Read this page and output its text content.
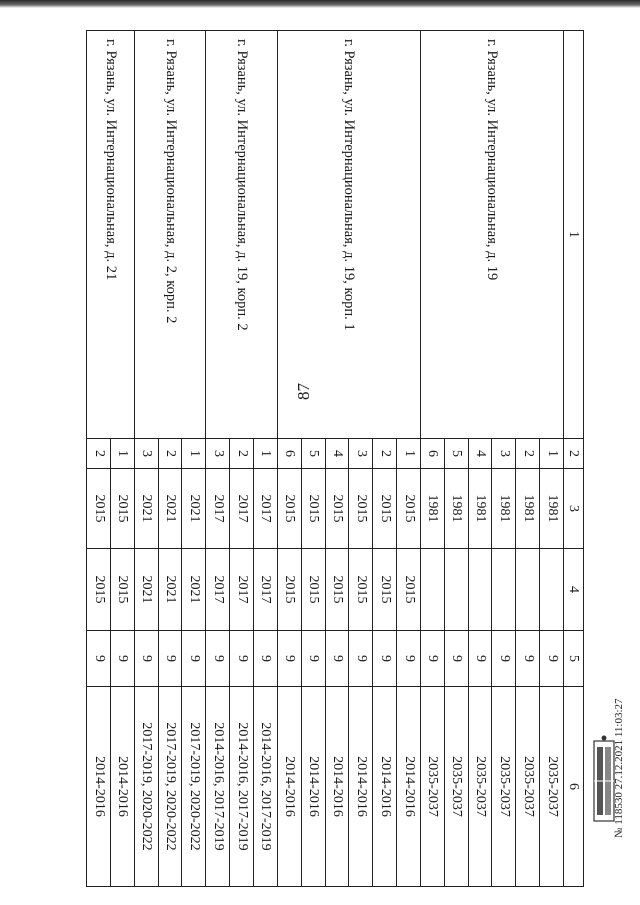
87
1	2	3	4	5	6
г. Рязань, ул. Интернациональная, д. 19	1	1981		9	2035-2037
	2	1981		9	2035-2037
	3	1981		9	2035-2037
	4	1981		9	2035-2037
	5	1981		9	2035-2037
	6	1981		9	2035-2037
г. Рязань, ул. Интернациональная, д. 19, корп. 1	1	2015	2015	9	2014-2016
	2	2015	2015	9	2014-2016
	3	2015	2015	9	2014-2016
	4	2015	2015	9	2014-2016
	5	2015	2015	9	2014-2016
	6	2015	2015	9	2014-2016
г. Рязань, ул. Интернациональная, д. 19, корп. 2	1	2017	2017	9	2014-2016, 2017-2019
	2	2017	2017	9	2014-2016, 2017-2019
	3	2017	2017	9	2014-2016, 2017-2019
г. Рязань, ул. Интернациональная, д. 2, корп. 2	1	2021	2021	9	2017-2019, 2020-2022
	2	2021	2021	9	2017-2019, 2020-2022
	3	2021	2021	9	2017-2019, 2020-2022
г. Рязань, ул. Интернациональная, д. 21	1	2015	2015	9	2014-2016
	2	2015	2015	9	2014-2016	№ 118530 27.12.2021 11:03:27
